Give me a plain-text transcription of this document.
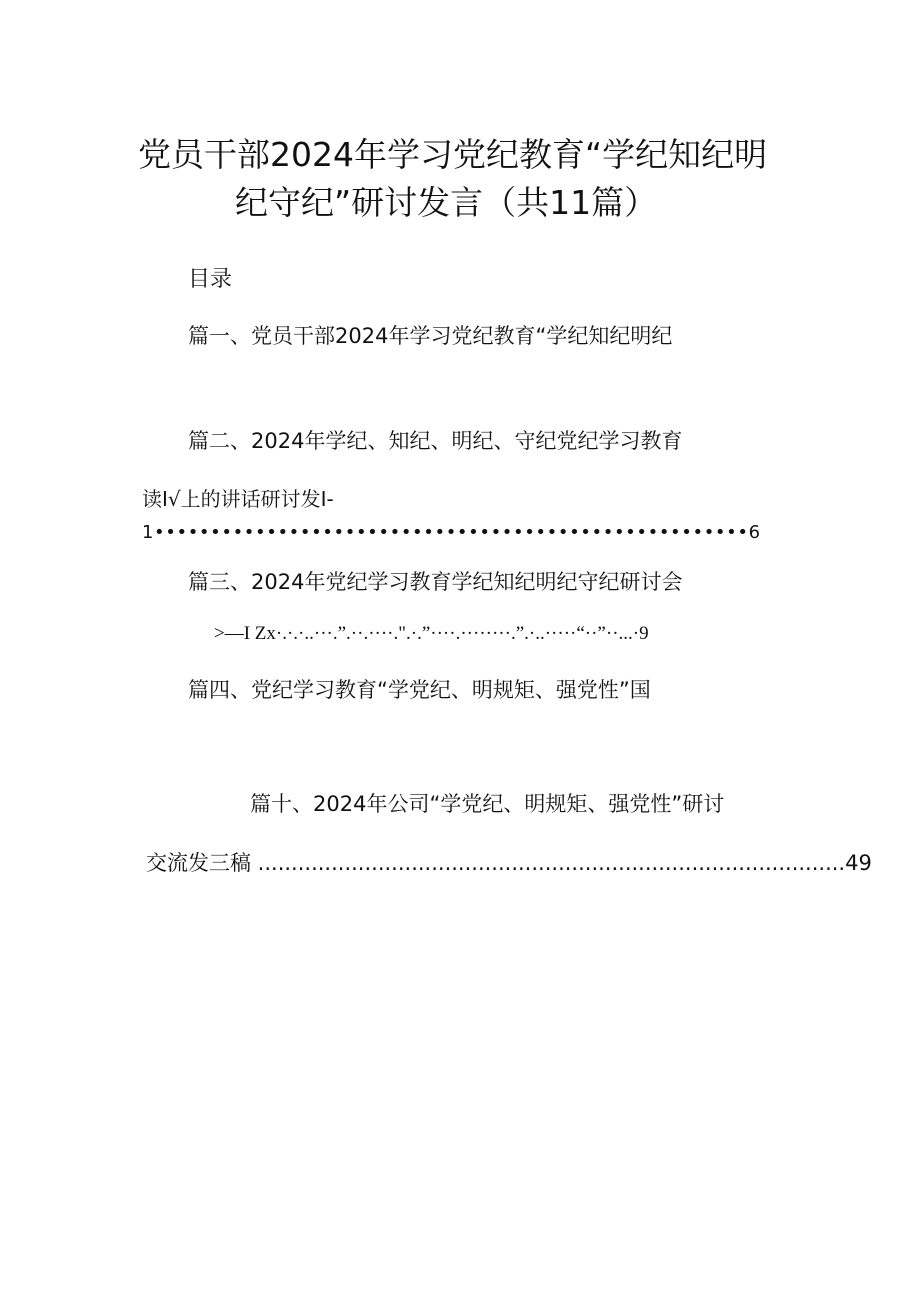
党员干部2024年学习党纪教育“学纪知纪明
纪守纪”研讨发言（共11篇）
目录
篇一、党员干部2024年学习党纪教育“学纪知纪明纪
篇二、2024年学纪、知纪、明纪、守纪党纪学习教育
读I√上的讲话研讨发I-
1•••••••••••••••••••••••••••••••••••••••••••••••••••••6
篇三、2024年党纪学习教育学纪知纪明纪守纪研讨会
>—I Zx·.·.·..···.”.··.····.".·.”····.········.”.·..·····“··”··...·9
篇四、党纪学习教育“学党纪、明规矩、强党性”国
篇十、2024年公司“学党纪、明规矩、强党性”研讨
交流发三稿 ........................................................................................49
